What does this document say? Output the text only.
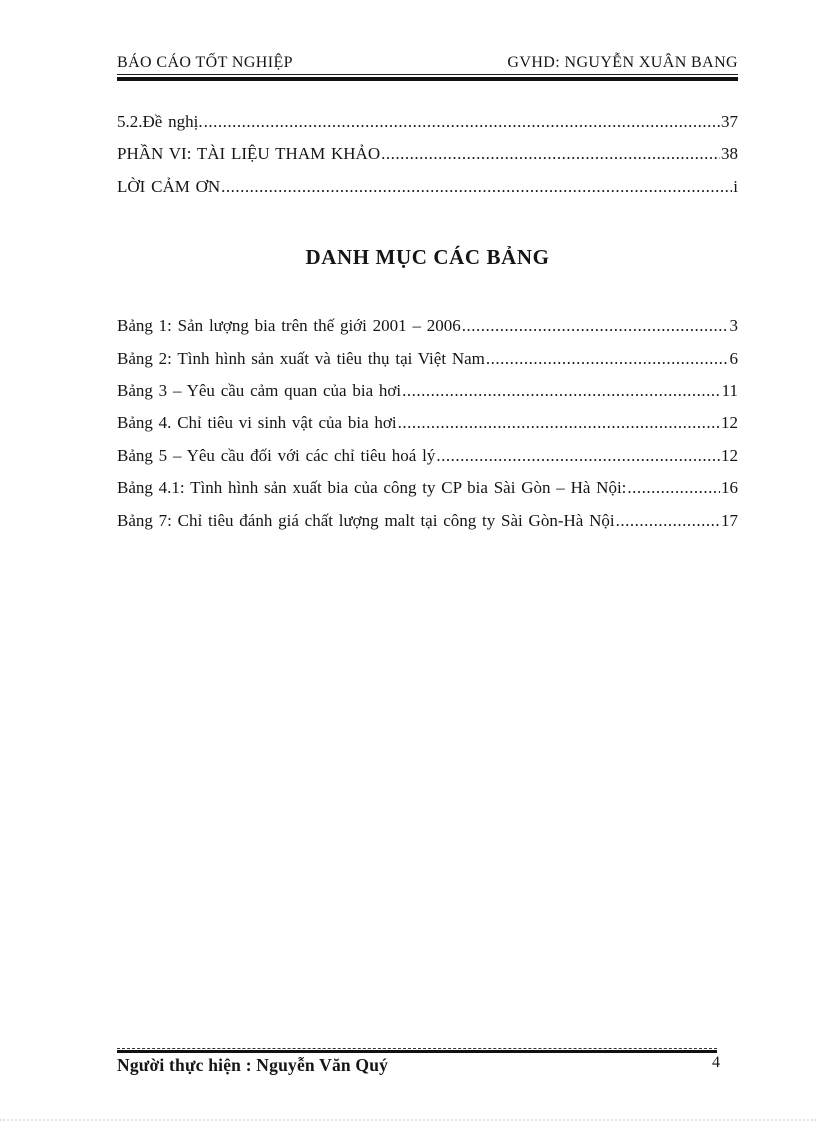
BÁO CÁO TỐT NGHIỆP	GVHD: NGUYỄN XUÂN BANG
5.2.Đề nghị. .....	37
PHẦN VI: TÀI LIỆU THAM KHẢO .....	38
LỜI CẢM ƠN .....	i
DANH MỤC CÁC BẢNG
Bảng 1: Sản lượng bia trên thế giới 2001 – 2006 .....	3
Bảng 2: Tình hình sản xuất và tiêu thụ tại Việt Nam .....	6
Bảng 3 – Yêu cầu cảm quan của bia hơi .....	11
Bảng 4. Chỉ tiêu vi sinh vật của bia hơi .....	12
Bảng 5 – Yêu cầu đối với các chỉ tiêu hoá lý .....	12
Bảng 4.1: Tình hình sản xuất bia của công ty CP bia Sài Gòn – Hà Nội: .....	16
Bảng 7: Chỉ tiêu đánh giá chất lượng malt tại công ty Sài Gòn-Hà Nội .....	17
Người thực hiện : Nguyễn Văn Quý	4
